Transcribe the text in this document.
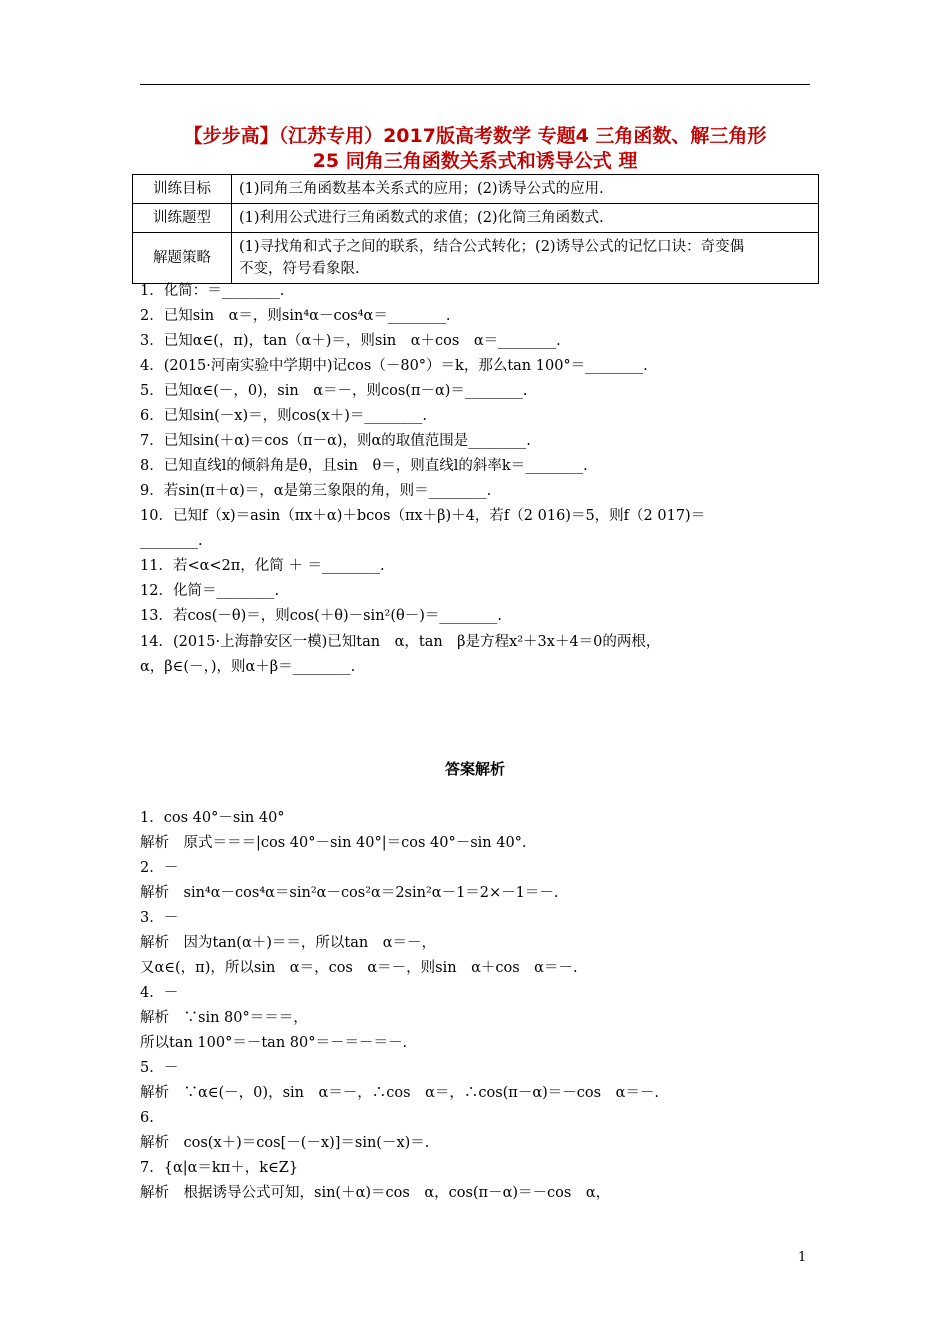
【步步高】（江苏专用）2017版高考数学 专题4 三角函数、解三角形
25 同角三角函数关系式和诱导公式 理
训练目标	(1)同角三角函数基本关系式的应用；(2)诱导公式的应用.
训练题型	(1)利用公式进行三角函数式的求值；(2)化简三角函数式.
解题策略	(1)寻找角和式子之间的联系，结合公式转化；(2)诱导公式的记忆口诀：奇变偶
不变，符号看象限.
1．化简：＝________.
2．已知sin　α＝，则sin⁴α－cos⁴α＝________.
3．已知α∈(，π)，tan（α＋)＝，则sin　α＋cos　α＝________.
4．(2015·河南实验中学期中)记cos（－80°）＝k，那么tan 100°＝________.
5．已知α∈(－，0)，sin　α＝－，则cos(π－α)＝________.
6．已知sin(－x)＝，则cos(x＋)＝________.
7．已知sin(＋α)＝cos（π－α)，则α的取值范围是________.
8．已知直线l的倾斜角是θ，且sin　θ＝，则直线l的斜率k＝________.
9．若sin(π＋α)＝，α是第三象限的角，则＝________.
10．已知f（x)＝asin（πx＋α)＋bcos（πx＋β)＋4，若f（2 016)＝5，则f（2 017)＝
________.
11．若<α<2π，化简 ＋ ＝________.
12．化简＝________.
13．若cos(－θ)＝，则cos(＋θ)－sin²(θ－)＝________.
14．(2015·上海静安区一模)已知tan　α，tan　β是方程x²＋3x＋4＝0的两根，
α，β∈(－，)，则α＋β＝________.
答案解析
1．cos 40°－sin 40°
解析　原式＝＝＝|cos 40°－sin 40°|＝cos 40°－sin 40°.
2．－
解析　sin⁴α－cos⁴α＝sin²α－cos²α＝2sin²α－1＝2×－1＝－.
3．－
解析　因为tan(α＋)＝＝，所以tan　α＝－，
又α∈(，π)，所以sin　α＝，cos　α＝－，则sin　α＋cos　α＝－.
4．－
解析　∵sin 80°＝＝＝，
所以tan 100°＝－tan 80°＝－＝－＝－.
5．－
解析　∵α∈(－，0)，sin　α＝－，∴cos　α＝，∴cos(π－α)＝－cos　α＝－.
6.
解析　cos(x＋)＝cos[－(－x)]＝sin(－x)＝.
7．{α|α＝kπ＋，k∈Z}
解析　根据诱导公式可知，sin(＋α)＝cos　α，cos(π－α)＝－cos　α，
1
